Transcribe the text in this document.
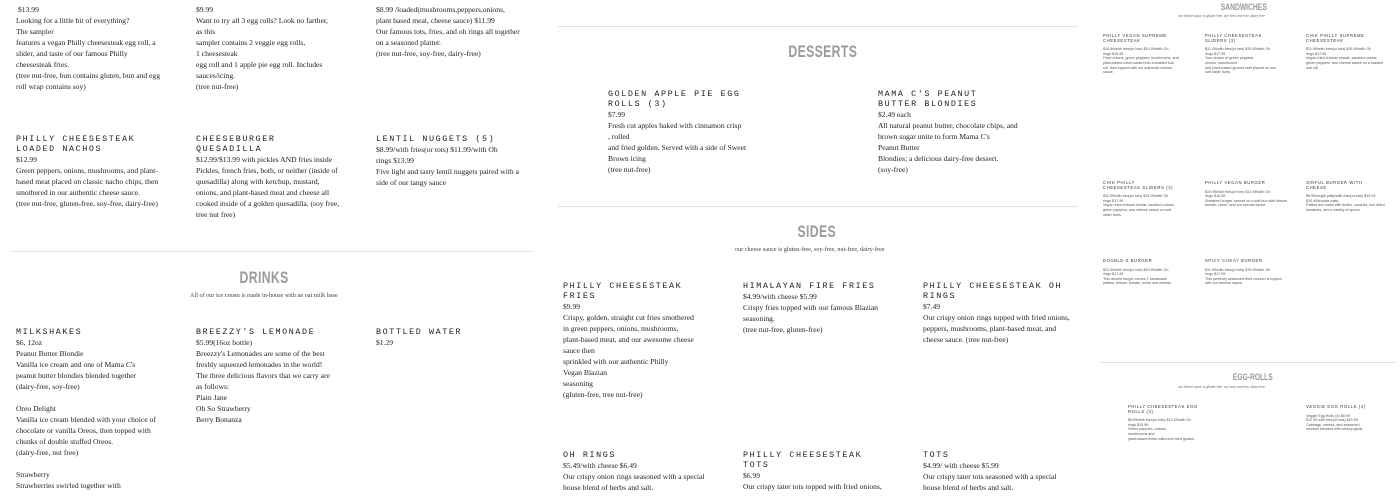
$13.99

Looking for a little bit of everything?
The sampler
features a vegan Philly cheesesteak egg roll, a
slider, and taste of our famous Philly
cheesesteak fries.
(tree nut-free, bun contains gluten, bun and egg
roll wrap contains soy)

PHILLY CHEESESTEAK
LOADED NACHOS

$12.99

Green peppers, onions, mushrooms, and plant-
based meat placed on classic nacho chips, then
smothered in our authentic cheese sauce.
(tree nut-free, gluten-free, soy-free, dairy-free)

$9.99

Want to try all 3 egg rolls? Look no farther,
as this
sampler contains 2 veggie egg rolls,
1 cheesesteak
egg roll and 1 apple pie egg roll. Includes
sauces/icing.
(tree nut-free)

CHEESEBURGER
QUESADILLA

$12.99/$13.99 with pickles AND fries inside

Pickles, french fries, both, or neither (inside of
quesadilla) along with ketchup, mustard,
onions, and plant-based meat and cheese all
cooked inside of a golden quesadilla. (soy free,
tree nut free)

$8.99 /loaded(mushrooms,peppers,onions,
plant based meat, cheese sauce) $11.99
Our famous tots, fries, and oh rings all together
on a seasoned platter.
(tree nut-free, soy-free, dairy-free)

LENTIL NUGGETS (5)

$8.99/with fries(or tots) $11.99/with Oh
rings $13.99

Five light and tasty lentil nuggets paired with a
side of our tangy sauce

DRINKS
All of our ice cream is made in-house with an oat milk base

MILKSHAKES

$6, 12oz

Peanut Butter Blondie
Vanilla ice cream and one of Mama C's
peanut butter blondies blended together
(dairy-free, soy-free)

Oreo Delight
Vanilla ice cream blended with your choice of
chocolate or vanilla Oreos, then topped with
chunks of double stuffed Oreos.
(dairy-free, nut free)

Strawberry
Strawberries swirled together with

BREEZZY'S LEMONADE

$5.99(16oz bottle)

Breezzy's Lemonades are some of the best
freshly squeezed lemonades in the world!
The three delicious flavors that we carry are
as follows:
Plain Jane
Oh So Strawberry
Berry Bonanza

BOTTLED WATER

$1.29

DESSERTS

GOLDEN APPLE PIE EGG
ROLLS (3)

$7.99

Fresh cut apples baked with cinnamon crisp
, rolled
and fried golden. Served with a side of Sweet
Brown icing
(tree nut-free)

MAMA C'S PEANUT
BUTTER BLONDIES

$2.49 each

All natural peanut butter, chocolate chips, and
brown sugar unite to form Mama C's
Peanut Butter
Blondies; a delicious dairy-free dessert.
(soy-free)

SIDES
our cheese sauce is gluten-free, soy-free, nut-free, dairy-free

PHILLY CHEESESTEAK
FRIES

$9.99

Crispy, golden, straight cut fries smothered
in green peppers, onions, mushrooms,
plant-based meat, and our awesome cheese
sauce then
sprinkled with our authentic Philly
Vegan Blazian
seasoning
(gluten-free, tree nut-free)

HIMALAYAN FIRE FRIES

$4.99/with cheese $5.99

Crispy fries topped with our famous Blazian
seasoning.
(tree nut-free, gluten-free)

PHILLY CHEESESTEAK OH
RINGS

$7.49

Our crispy onion rings topped with fried onions,
peppers, mushrooms, plant-based meat, and
cheese sauce. (tree nut-free)

OH RINGS

$5.49/with cheese $6.49

Our crispy onion rings seasoned with a special
house blend of herbs and salt.

PHILLY CHEESESTEAK
TOTS

$6.99

Our crispy tater tots topped with fried onions,

TOTS

$4.99/ with cheese $5.99

Our crispy tater tots seasoned with a special
house blend of herbs and salt.

SANDWICHES
our cheese sauce is gluten-free, soy-free, nut-free, dairy-free
PHILLY VEGAN SUPREME
CHEESESTEAK
$10.99/with fries(or tots) $14.99/with Oh
rings $16.99
Fried onions, green peppers, mushrooms, and
plant-based meat loaded into a toasted sub
roll, then topped with our authentic cheese
sauce.
PHILLY CHEESESTEAK
SLIDERS (3)
$11.49/with fries(or tots) $15.49/with Oh
rings $17.99
Your choice of green peppers,
onions, mushrooms
and plant-based ground beef placed on two
soft slider buns.
CHIK PHILLY SUPREME
CHEESESTEAK
$11.99/with fries(or tots) $15.99/with Oh
rings $17.99
Vegan fried chicken breast, sautéed onions,
green peppers, and cheese sauce on a toasted
sub roll.
CHIK PHILLY
CHEESESTEAK SLIDERS (3)
$11.99/with fries(or tots) $15.99/with Oh
rings $17.99
Vegan fried chicken breast, sautéed onions,
green peppers, and cheese sauce on soft
slider buns.
PHILLY VEGAN BURGER
$10.99/with fries(or tots) $14.99/with Oh
rings $16.99
Smashed burger, served on a soft bun with lettuce,
tomato, onion, and our special sauce.
SINFUL BURGER WITH
CHEESE
$9.99/single patty/with fries(or tots) $13.99
$10.49/double patty
Patties are made with lentils, zucchini, sun dried
tomatoes, and a variety of spices.
DOUBLE-Z BURGER
$12.99/with fries(or tots) $15.99/with Oh
rings $17.99
This double burger comes 2 handmade
patties, lettuce, tomato, onion and cheese.
SPICY CHKAY BURGER
$11.99/with fries(or tots) $15.99/with Oh
rings $17.99
This perfectly seasoned fried chicken is topped
with our famous sauce.
EGG-ROLLS
our cheese sauce is gluten-free, soy-free, nut-free, dairy-free
PHILLY CHEESESTEAK EGG
ROLLS (3)
$9.99/with fries(or tots) $13.99/with Oh
rings $15.99
Green peppers, onions,
mushrooms and
plant-based meat rolled and fried golden.
VEGGIE EGG ROLLS (4)
Veggie Egg Rolls (4) $8.99
$12.99 with fries(or tots) $15.99
Cabbage, carrots, and seasoned
noodles blended with savory garlic.
